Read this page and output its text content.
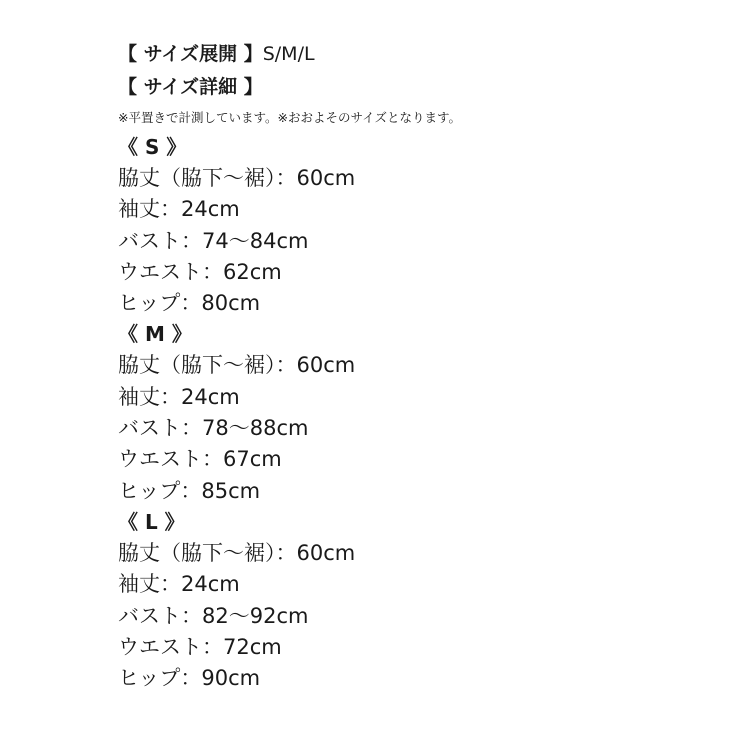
【 サイズ展開 】S/M/L
【 サイズ詳細 】
※平置きで計測しています。※おおよそのサイズとなります。
《 S 》
脇丈（脇下〜裾）：60cm
袖丈：24cm
バスト：74〜84cm
ウエスト：62cm
ヒップ：80cm
《 M 》
脇丈（脇下〜裾）：60cm
袖丈：24cm
バスト：78〜88cm
ウエスト：67cm
ヒップ：85cm
《 L 》
脇丈（脇下〜裾）：60cm
袖丈：24cm
バスト：82〜92cm
ウエスト：72cm
ヒップ：90cm
